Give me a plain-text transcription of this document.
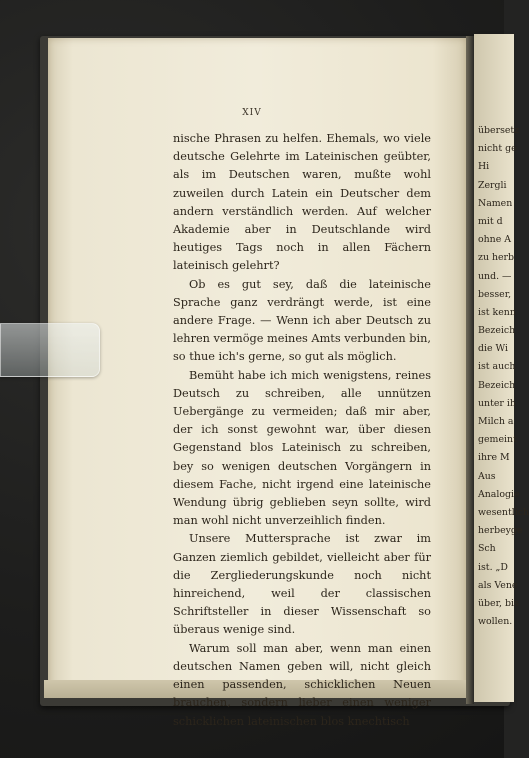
XIV

nische Phrasen zu helfen. Ehemals, wo viele deutsche Gelehrte im Lateinischen geübter, als im Deutschen waren, mußte wohl zuweilen durch Latein ein Deutscher dem andern verständlich werden. Auf welcher Akademie aber in Deutschlande wird heutiges Tags noch in allen Fächern lateinisch gelehrt?

Ob es gut sey, daß die lateinische Sprache ganz verdrängt werde, ist eine andere Frage. — Wenn ich aber Deutsch zu lehren vermöge meines Amts verbunden bin, so thue ich's gerne, so gut als möglich.

Bemüht habe ich mich wenigstens, reines Deutsch zu schreiben, alle unnützen Uebergänge zu vermeiden; daß mir aber, der ich sonst gewohnt war, über diesen Gegenstand blos Lateinisch zu schreiben, bey so wenigen deutschen Vorgängern in diesem Fache, nicht irgend eine lateinische Wendung übrig geblieben seyn sollte, wird man wohl nicht unverzeihlich finden.

Unsere Muttersprache ist zwar im Ganzen ziemlich gebildet, vielleicht aber für die Zergliederungskunde noch nicht hinreichend, weil der classischen Schriftsteller in dieser Wissenschaft so überaus wenige sind.

Warum soll man aber, wenn man einen deutschen Namen geben will, nicht gleich einen passenden, schicklichen Neuen brauchen, sondern lieber einen weniger schicklichen lateinischen blos knechtisch

übersetz
nicht ge
Hi
Zergli
Namen
mit d
ohne A
zu herb
und. —
besser,
ist kenn
Bezeich
die Wi
ist auch
Bezeich
unter ih
Milch a
gemeint
ihre M
Aus
Analogie
wesentlich
herbeyge
Sch
ist. „D
als Vene
über, bis
wollen.
